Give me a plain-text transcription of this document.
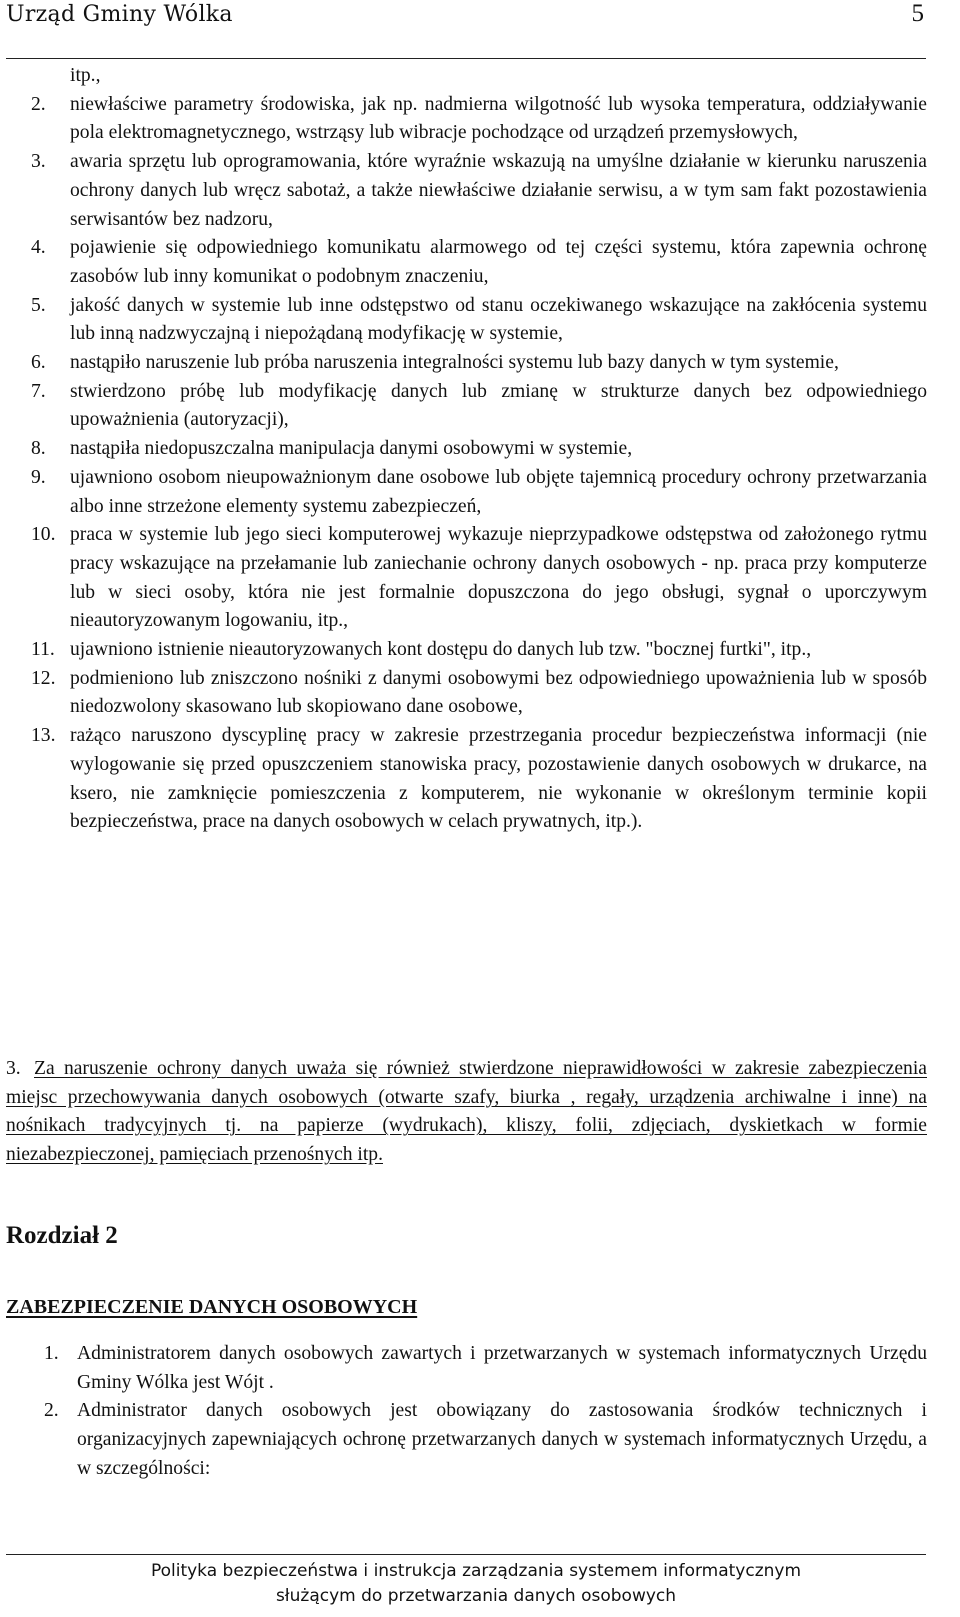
Urząd Gminy Wólka	5
itp.,
2. niewłaściwe parametry środowiska, jak np. nadmierna wilgotność lub wysoka temperatura, oddziaływanie pola elektromagnetycznego, wstrząsy lub wibracje pochodzące od urządzeń przemysłowych,
3. awaria sprzętu lub oprogramowania, które wyraźnie wskazują na umyślne działanie w kierunku naruszenia ochrony danych lub wręcz sabotaż, a także niewłaściwe działanie serwisu, a w tym sam fakt pozostawienia serwisantów bez nadzoru,
4. pojawienie się odpowiedniego komunikatu alarmowego od tej części systemu, która zapewnia ochronę zasobów lub inny komunikat o podobnym znaczeniu,
5. jakość danych w systemie lub inne odstępstwo od stanu oczekiwanego wskazujące na zakłócenia systemu lub inną nadzwyczajną i niepożądaną modyfikację w systemie,
6. nastąpiło naruszenie lub próba naruszenia integralności systemu lub bazy danych w tym systemie,
7. stwierdzono próbę lub modyfikację danych lub zmianę w strukturze danych bez odpowiedniego upoważnienia (autoryzacji),
8. nastąpiła niedopuszczalna manipulacja danymi osobowymi w systemie,
9. ujawniono osobom nieupoważnionym dane osobowe lub objęte tajemnicą procedury ochrony przetwarzania albo inne strzeżone elementy systemu zabezpieczeń,
10. praca w systemie lub jego sieci komputerowej wykazuje nieprzypadkowe odstępstwa od założonego rytmu pracy wskazujące na przełamanie lub zaniechanie ochrony danych osobowych - np. praca przy komputerze lub w sieci osoby, która nie jest formalnie dopuszczona do jego obsługi, sygnał o uporczywym nieautoryzowanym logowaniu, itp.,
11. ujawniono istnienie nieautoryzowanych kont dostępu do danych lub tzw. "bocznej furtki", itp.,
12. podmieniono lub zniszczono nośniki z danymi osobowymi bez odpowiedniego upoważnienia lub w sposób niedozwolony skasowano lub skopiowano dane osobowe,
13. rażąco naruszono dyscyplinę pracy w zakresie przestrzegania procedur bezpieczeństwa informacji (nie wylogowanie się przed opuszczeniem stanowiska pracy, pozostawienie danych osobowych w drukarce, na ksero, nie zamknięcie pomieszczenia z komputerem, nie wykonanie w określonym terminie kopii bezpieczeństwa, prace na danych osobowych w celach prywatnych, itp.).
3. Za naruszenie ochrony danych uważa się również stwierdzone nieprawidłowości w zakresie zabezpieczenia miejsc przechowywania danych osobowych (otwarte szafy, biurka , regały, urządzenia archiwalne i inne) na nośnikach tradycyjnych tj. na papierze (wydrukach), kliszy, folii, zdjęciach, dyskietkach w formie niezabezpieczonej, pamięciach przenośnych itp.

Rozdział 2
ZABEZPIECZENIE DANYCH OSOBOWYCH
1. Administratorem danych osobowych zawartych i przetwarzanych w systemach informatycznych Urzędu Gminy Wólka jest Wójt .
2. Administrator danych osobowych jest obowiązany do zastosowania środków technicznych i organizacyjnych zapewniających ochronę przetwarzanych danych w systemach informatycznych Urzędu, a w szczególności:
Polityka bezpieczeństwa i instrukcja zarządzania systemem informatycznym
służącym do przetwarzania danych osobowych
